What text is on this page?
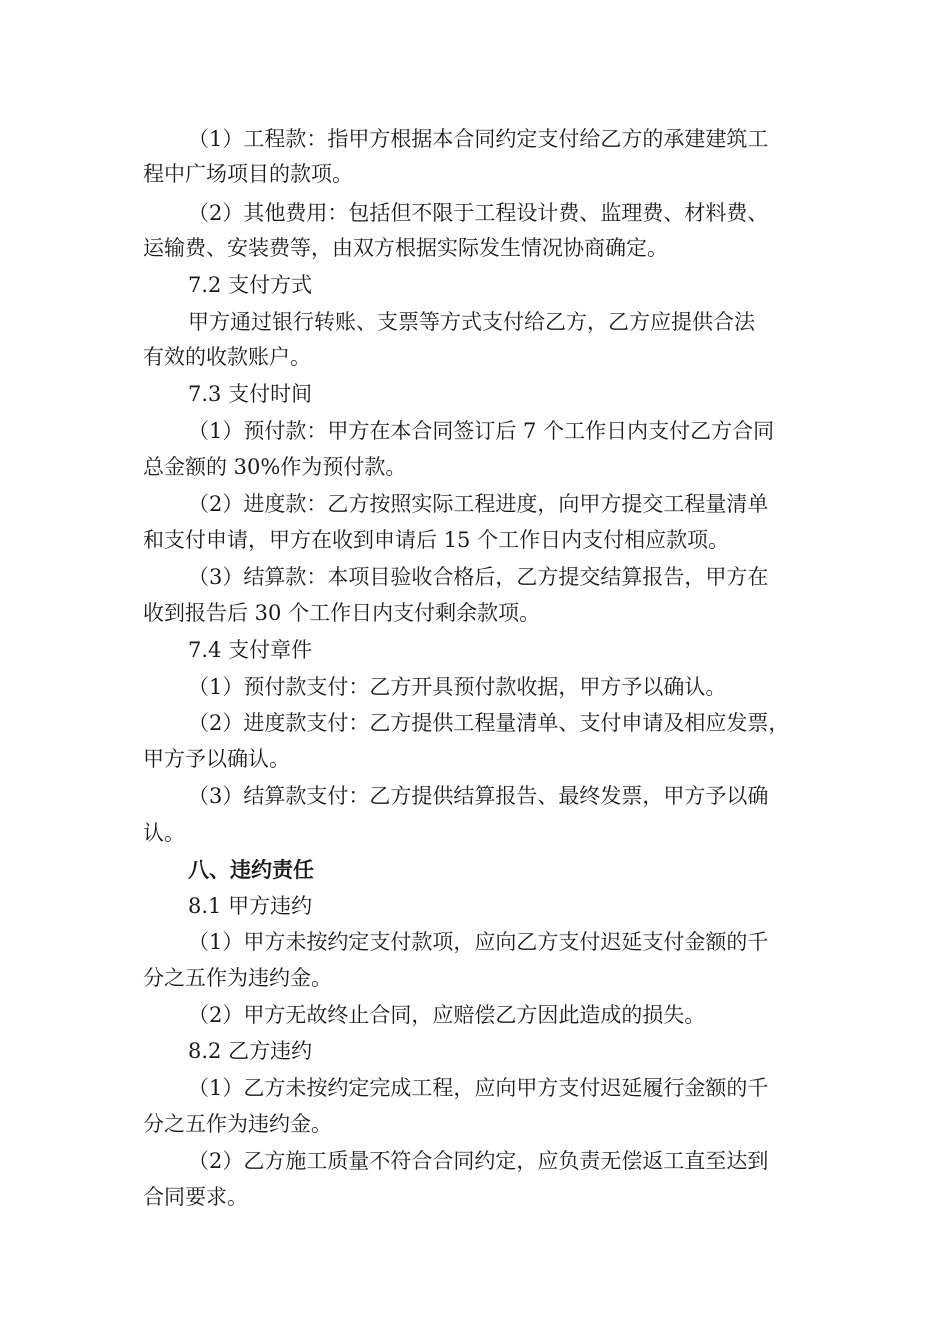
（1）工程款：指甲方根据本合同约定支付给乙方的承建建筑工
程中广场项目的款项。
（2）其他费用：包括但不限于工程设计费、监理费、材料费、
运输费、安装费等，由双方根据实际发生情况协商确定。
7.2 支付方式
甲方通过银行转账、支票等方式支付给乙方，乙方应提供合法
有效的收款账户。
7.3 支付时间
（1）预付款：甲方在本合同签订后 7 个工作日内支付乙方合同
总金额的 30%作为预付款。
（2）进度款：乙方按照实际工程进度，向甲方提交工程量清单
和支付申请，甲方在收到申请后 15 个工作日内支付相应款项。
（3）结算款：本项目验收合格后，乙方提交结算报告，甲方在
收到报告后 30 个工作日内支付剩余款项。
7.4 支付章件
（1）预付款支付：乙方开具预付款收据，甲方予以确认。
（2）进度款支付：乙方提供工程量清单、支付申请及相应发票，
甲方予以确认。
（3）结算款支付：乙方提供结算报告、最终发票，甲方予以确
认。
八、违约责任
8.1 甲方违约
（1）甲方未按约定支付款项，应向乙方支付迟延支付金额的千
分之五作为违约金。
（2）甲方无故终止合同，应赔偿乙方因此造成的损失。
8.2 乙方违约
（1）乙方未按约定完成工程，应向甲方支付迟延履行金额的千
分之五作为违约金。
（2）乙方施工质量不符合合同约定，应负责无偿返工直至达到
合同要求。
